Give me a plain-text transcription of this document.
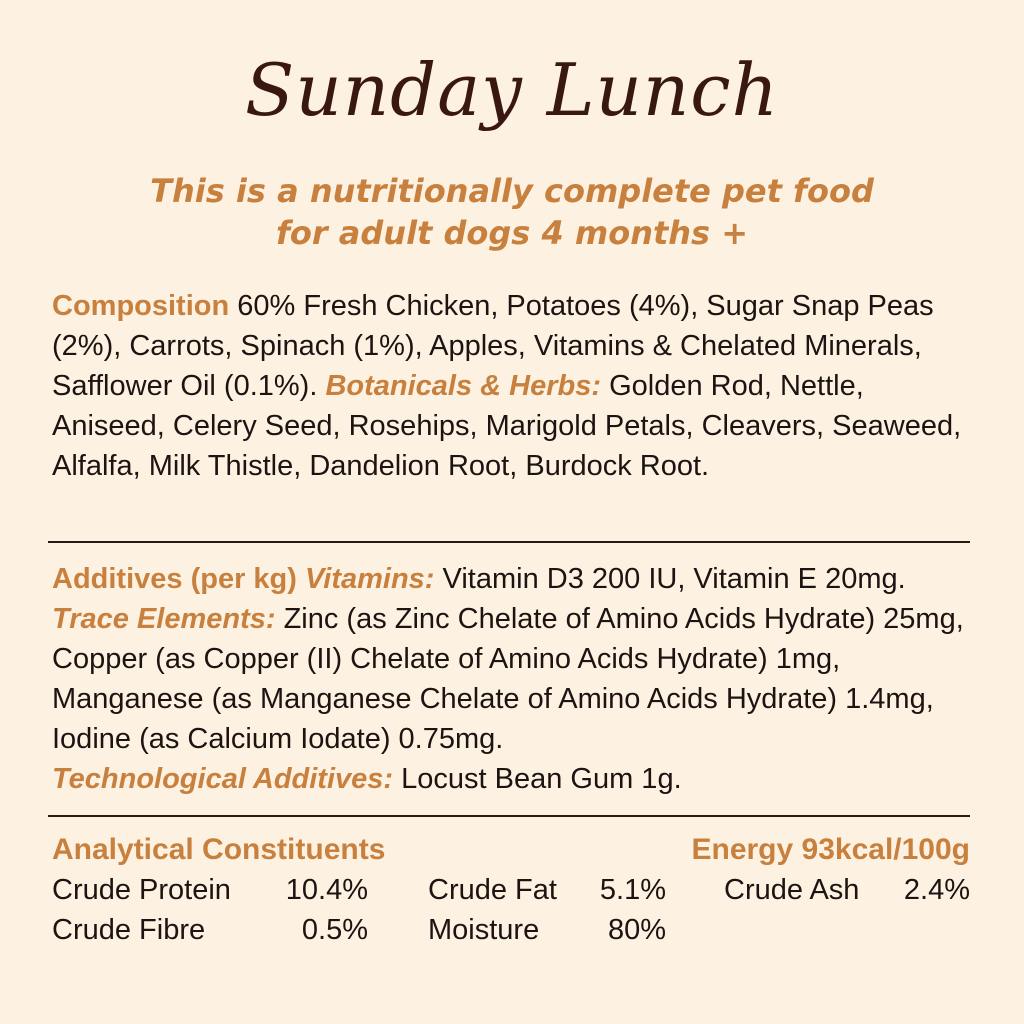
Sunday Lunch
This is a nutritionally complete pet food
for adult dogs 4 months +
Composition 60% Fresh Chicken, Potatoes (4%), Sugar Snap Peas (2%), Carrots, Spinach (1%), Apples, Vitamins & Chelated Minerals, Safflower Oil (0.1%). Botanicals & Herbs: Golden Rod, Nettle, Aniseed, Celery Seed, Rosehips, Marigold Petals, Cleavers, Seaweed, Alfalfa, Milk Thistle, Dandelion Root, Burdock Root.
Additives (per kg) Vitamins: Vitamin D3 200 IU, Vitamin E 20mg. Trace Elements: Zinc (as Zinc Chelate of Amino Acids Hydrate) 25mg, Copper (as Copper (II) Chelate of Amino Acids Hydrate) 1mg, Manganese (as Manganese Chelate of Amino Acids Hydrate) 1.4mg, Iodine (as Calcium Iodate) 0.75mg.
Technological Additives: Locust Bean Gum 1g.
Analytical Constituents	Energy 93kcal/100g
Crude Protein 10.4% Crude Fat 5.1% Crude Ash 2.4%
Crude Fibre	0.5% Moisture 80%
